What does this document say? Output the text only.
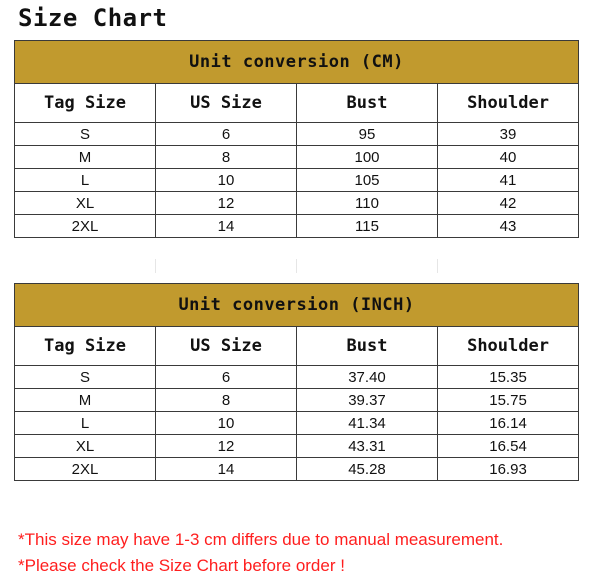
Size Chart
Unit conversion (CM)			
Tag Size	US Size	Bust	Shoulder
S	6	95	39
M	8	100	40
L	10	105	41
XL	12	110	42
2XL	14	115	43
Unit conversion (INCH)			
Tag Size	US Size	Bust	Shoulder
S	6	37.40	15.35
M	8	39.37	15.75
L	10	41.34	16.14
XL	12	43.31	16.54
2XL	14	45.28	16.93
*This size may have 1-3 cm differs due to manual measurement.
*Please check the Size Chart before order !
